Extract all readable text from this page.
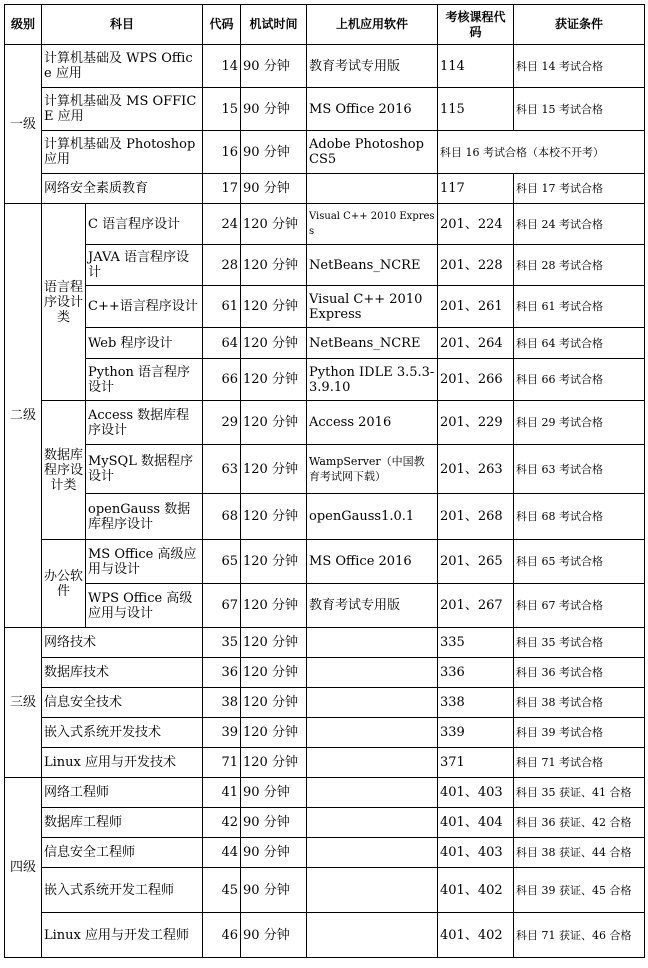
级别	科目		代码	机试时间	上机应用软件	考核课程代码	获证条件
一级	计算机基础及 WPS Office 应用		14	90 分钟	教育考试专用版	114	科目 14 考试合格
	计算机基础及 MS OFFICE 应用		15	90 分钟	MS Office 2016	115	科目 15 考试合格
	计算机基础及 Photoshop 应用		16	90 分钟	Adobe Photoshop CS5	科目 16 考试合格（本校不开考）	
	网络安全素质教育		17	90 分钟		117	科目 17 考试合格
二级	语言程序设计类	C 语言程序设计	24	120 分钟	Visual C++ 2010 Express	201、224	科目 24 考试合格
		JAVA 语言程序设计	28	120 分钟	NetBeans_NCRE	201、228	科目 28 考试合格
		C++语言程序设计	61	120 分钟	Visual C++ 2010 Express	201、261	科目 61 考试合格
		Web 程序设计	64	120 分钟	NetBeans_NCRE	201、264	科目 64 考试合格
		Python 语言程序设计	66	120 分钟	Python IDLE 3.5.3-3.9.10	201、266	科目 66 考试合格
	数据库程序设计类	Access 数据库程序设计	29	120 分钟	Access 2016	201、229	科目 29 考试合格
		MySQL 数据程序设计	63	120 分钟	WampServer（中国教育考试网下载）	201、263	科目 63 考试合格
		openGauss 数据库程序设计	68	120 分钟	openGauss1.0.1	201、268	科目 68 考试合格
	办公软件	MS Office 高级应用与设计	65	120 分钟	MS Office 2016	201、265	科目 65 考试合格
		WPS Office 高级应用与设计	67	120 分钟	教育考试专用版	201、267	科目 67 考试合格
三级	网络技术		35	120 分钟		335	科目 35 考试合格
	数据库技术		36	120 分钟		336	科目 36 考试合格
	信息安全技术		38	120 分钟		338	科目 38 考试合格
	嵌入式系统开发技术		39	120 分钟		339	科目 39 考试合格
	Linux 应用与开发技术		71	120 分钟		371	科目 71 考试合格
四级	网络工程师		41	90 分钟		401、403	科目 35 获证、41 合格
	数据库工程师		42	90 分钟		401、404	科目 36 获证、42 合格
	信息安全工程师		44	90 分钟		401、403	科目 38 获证、44 合格
	嵌入式系统开发工程师		45	90 分钟		401、402	科目 39 获证、45 合格
	Linux 应用与开发工程师		46	90 分钟		401、402	科目 71 获证、46 合格
